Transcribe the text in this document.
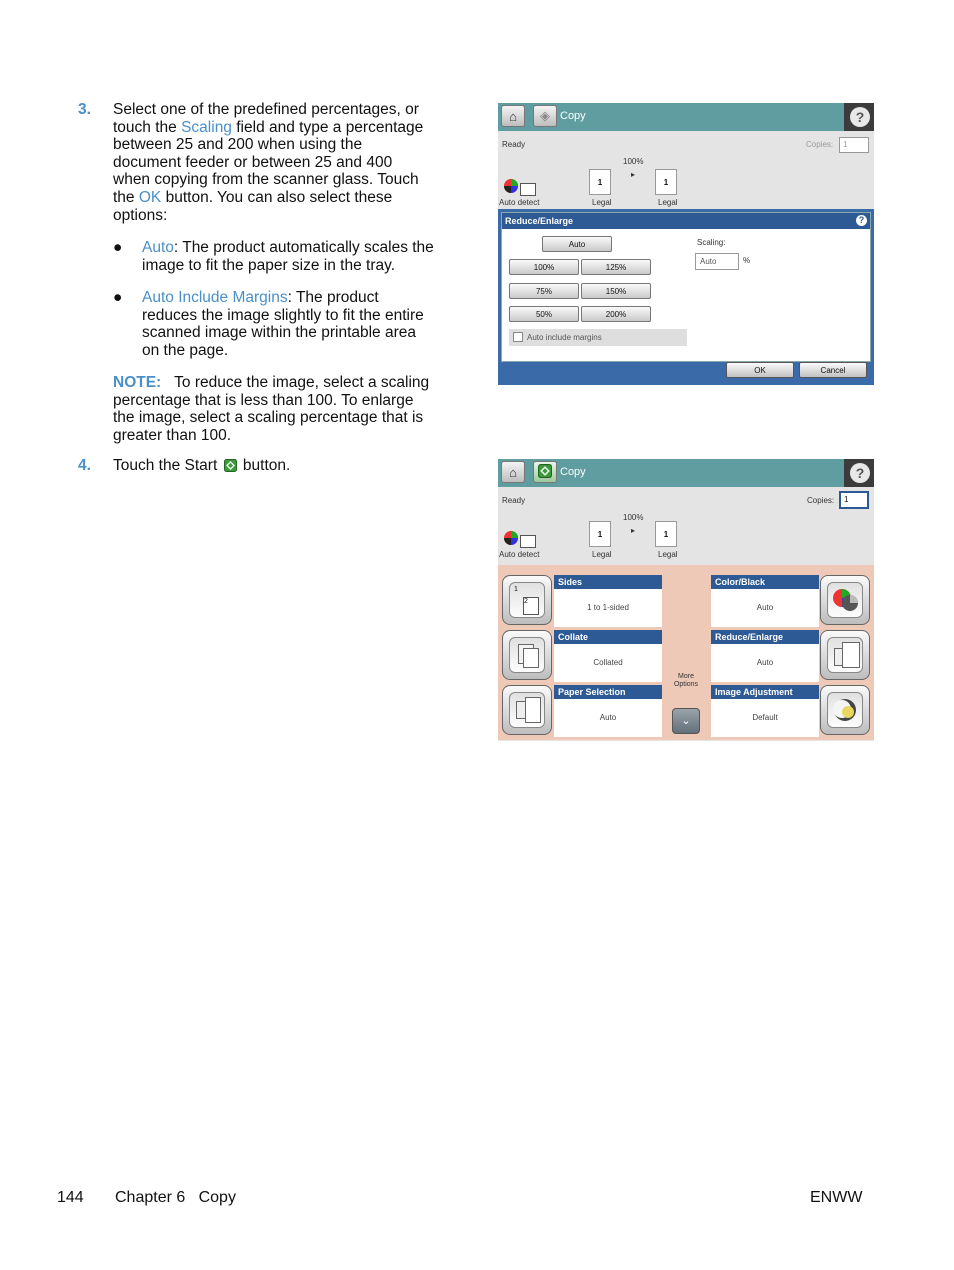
3. Select one of the predefined percentages, or
touch the Scaling field and type a percentage
between 25 and 200 when using the
document feeder or between 25 and 400
when copying from the scanner glass. Touch
the OK button. You can also select these
options:
● Auto: The product automatically scales the
image to fit the paper size in the tray.
● Auto Include Margins: The product
reduces the image slightly to fit the entire
scanned image within the printable area
on the page.
NOTE: To reduce the image, select a scaling
percentage that is less than 100. To enlarge
the image, select a scaling percentage that is
greater than 100.
4. Touch the Start button.
⌂ ◈ Copy	?
Ready	Copies:	1
100%
▸
1	1
Legal	Legal
Auto detect
Reduce/Enlarge	?
Auto
100%	125%
75%	150%
50%	200%
Scaling:
Auto	%
Auto include margins
OK	Cancel
⌂	Copy	?
Ready	Copies:	1
100%
▸
1	1
Legal	Legal
Auto detect
1
2
Sides
1 to 1-sided
Collate
Collated
Paper Selection
Auto
More
Options
⌄
Color/Black
Auto
Reduce/Enlarge
Auto
Image Adjustment
Default
144 Chapter 6   Copy	ENWW
